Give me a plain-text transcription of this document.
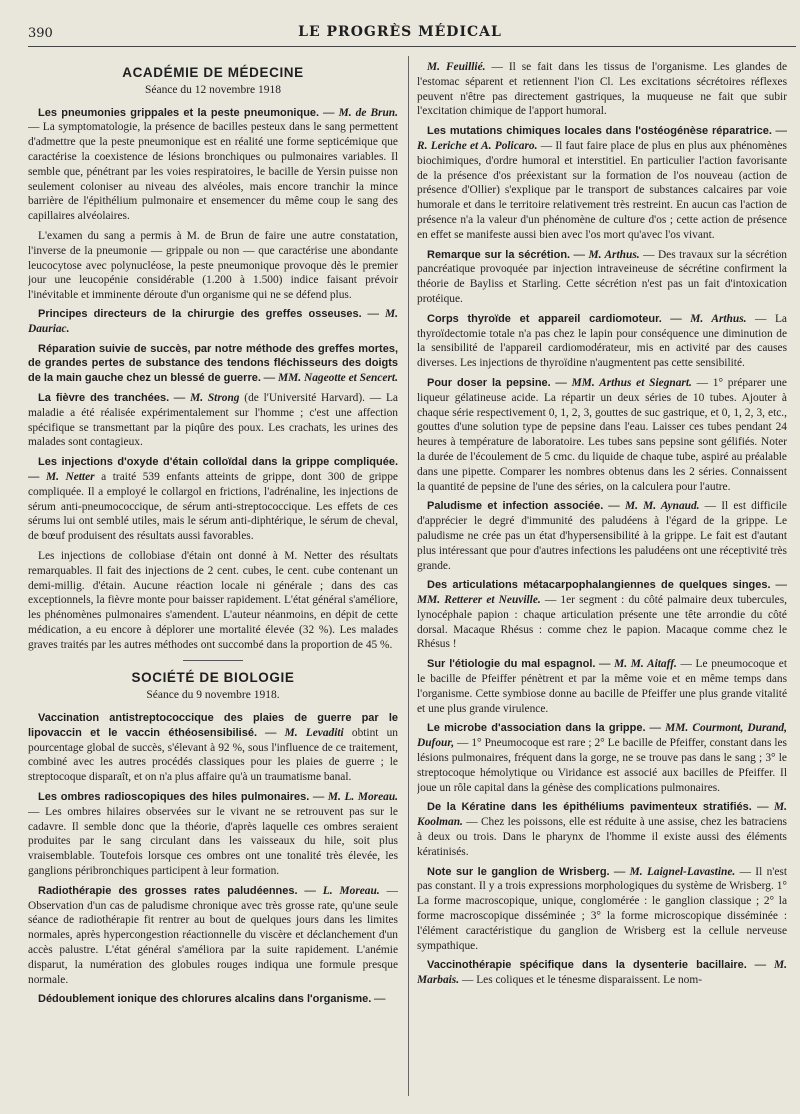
390	LE PROGRÈS MÉDICAL
ACADÉMIE DE MÉDECINE
Séance du 12 novembre 1918

Les pneumonies grippales et la peste pneumonique. — M. de Brun. — La symptomatologie, la présence de bacilles pesteux dans le sang permettent d'admettre que la peste pneumonique est en réalité une forme septicémique que caractérise la coexistence de lésions bronchiques ou pulmonaires variables. Il semble que, pénétrant par les voies respiratoires, le bacille de Yersin puisse non seulement coloniser au niveau des alvéoles, mais encore tranchir la mince barrière de l'épithélium pulmonaire et ensemencer du même coup le sang des capillaires alvéolaires.

L'examen du sang a permis à M. de Brun de faire une autre constatation, l'inverse de la pneumonie — grippale ou non — que caractérise une abondante leucocytose avec polynucléose, la peste pneumonique provoque dès le premier jour une leucopénie considérable (1.200 à 1.500) indice faisant prévoir l'inévitable et imminente déroute d'un organisme qui ne se défend plus.

Principes directeurs de la chirurgie des greffes osseuses. — M. Dauriac.

Réparation suivie de succès, par notre méthode des greffes mortes, de grandes pertes de substance des tendons fléchisseurs des doigts de la main gauche chez un blessé de guerre. — MM. Nageotte et Sencert.

La fièvre des tranchées. — M. Strong (de l'Université Harvard). — La maladie a été réalisée expérimentalement sur l'homme ; c'est une affection spécifique se transmettant par la piqûre des poux. Les crachats, les urines des malades sont contagieux.

Les injections d'oxyde d'étain colloïdal dans la grippe compliquée. — M. Netter a traité 539 enfants atteints de grippe, dont 300 de grippe compliquée. Il a employé le collargol en frictions, l'adrénaline, les injections de sérum anti-pneumococcique, de sérum anti-streptococcique. Les effets de ces sérums lui ont semblé utiles, mais le sérum anti-diphtérique, le sérum de cheval, de bœuf produisent des résultats aussi favorables.

Les injections de collobiase d'étain ont donné à M. Netter des résultats remarquables. Il fait des injections de 2 cent. cubes, le cent. cube contenant un demi-millig. d'étain. Aucune réaction locale ni générale ; dans des cas exceptionnels, la fièvre monte pour baisser rapidement. L'état général s'améliore, les phénomènes pulmonaires s'amendent. L'auteur néanmoins, en dépit de cette médication, a eu encore à déplorer une mortalité élevée (32 %). Les malades graves traités par les autres méthodes ont succombé dans la proportion de 45 %.

SOCIÉTÉ DE BIOLOGIE
Séance du 9 novembre 1918.

Vaccination antistreptococcique des plaies de guerre par le lipovaccin et le vaccin éthéosensibilisé. — M. Levaditi obtint un pourcentage global de succès, s'élevant à 92 %, sous l'influence de ce traitement, combiné avec les autres procédés classiques pour les plaies de guerre ; le streptocoque disparaît, et on n'a plus affaire qu'à un traumatisme banal.

Les ombres radioscopiques des hiles pulmonaires. — M. L. Moreau. — Les ombres hilaires observées sur le vivant ne se retrouvent pas sur le cadavre. Il semble donc que la théorie, d'après laquelle ces ombres seraient produites par le sang circulant dans les vaisseaux du hile, soit plus vraisemblable. Toutefois lorsque ces ombres ont une tonalité très élevée, les ganglions péribronchiques participent à leur formation.

Radiothérapie des grosses rates paludéennes. — L. Moreau. — Observation d'un cas de paludisme chronique avec très grosse rate, qu'une seule séance de radiothérapie fit rentrer au bout de quelques jours dans les limites normales, après hypercongestion réactionnelle du viscère et déclanchement d'un accès palustre. L'état général s'améliora par la suite rapidement. L'anémie disparut, la numération des globules rouges indiqua une formule presque normale.

Dédoublement ionique des chlorures alcalins dans l'organisme. —

M. Feuillié. — Il se fait dans les tissus de l'organisme. Les glandes de l'estomac séparent et retiennent l'ion Cl. Les excitations sécrétoires réflexes peuvent n'être pas directement gastriques, la muqueuse ne fait que subir l'excitation chimique de l'apport humoral.

Les mutations chimiques locales dans l'ostéogénèse réparatrice. — R. Leriche et A. Policaro. — Il faut faire place de plus en plus aux phénomènes biochimiques, d'ordre humoral et interstitiel. En particulier l'action favorisante de la présence d'os préexistant sur la formation de l'os nouveau (action de présence d'Ollier) s'explique par le transport de substances calcaires par voie humorale et dans le territoire relativement très restreint. En aucun cas l'action de présence n'a la valeur d'un phénomène de culture d'os ; cette action de présence en effet se manifeste aussi bien avec l'os mort qu'avec l'os vivant.

Remarque sur la sécrétion. — M. Arthus. — Des travaux sur la sécrétion pancréatique provoquée par injection intraveineuse de sécrétine confirment la théorie de Bayliss et Starling. Cette sécrétion n'est pas un fait d'intoxication protéique.

Corps thyroïde et appareil cardiomoteur. — M. Arthus. — La thyroïdectomie totale n'a pas chez le lapin pour conséquence une diminution de la sensibilité de l'appareil cardiomodérateur, mis en activité par des causes diverses. Les injections de thyroïdine n'augmentent pas cette sensibilité.

Pour doser la pepsine. — MM. Arthus et Siegnart. — 1° préparer une liqueur gélatineuse acide. La répartir un deux séries de 10 tubes. Ajouter à chaque série respectivement 0, 1, 2, 3, gouttes de suc gastrique, et 0, 1, 2, 3, etc., gouttes d'une solution type de pepsine dans l'eau. Laisser ces tubes pendant 24 heures à température de laboratoire. Les tubes sans pepsine sont gélifiés. Noter la durée de l'écoulement de 5 cmc. du liquide de chaque tube, aspiré au préalable dans une pipette. Comparer les nombres obtenus dans les 2 séries. Connaissent la quantité de pepsine de l'une des séries, on la calculera pour l'autre.

Paludisme et infection associée. — M. M. Aynaud. — Il est difficile d'apprécier le degré d'immunité des paludéens à l'égard de la grippe. Le paludisme ne crée pas un état d'hypersensibilité à la grippe. Le fait est d'autant plus intéressant que pour d'autres infections les paludéens ont une réceptivité très grande.

Des articulations métacarpophalangiennes de quelques singes. — MM. Retterer et Neuville. — 1er segment : du côté palmaire deux tubercules, lynocéphale papion : chaque articulation présente une tête arrondie du côté dorsal. Macaque Rhésus : comme chez le papion. Macaque comme chez le Rhésus !

Sur l'étiologie du mal espagnol. — M. M. Aitaff. — Le pneumocoque et le bacille de Pfeiffer pénètrent et par la même voie et en même temps dans l'organisme. Cette symbiose donne au bacille de Pfeiffer une plus grande vitalité et une plus grande virulence.

Le microbe d'association dans la grippe. — MM. Courmont, Durand, Dufour, — 1° Pneumocoque est rare ; 2° Le bacille de Pfeiffer, constant dans les lésions pulmonaires, fréquent dans la gorge, ne se trouve pas dans le sang ; 3° le streptocoque hémolytique ou Viridance est associé aux bacilles de Pfeiffer. Il joue un rôle capital dans la génèse des complications pulmonaires.

De la Kératine dans les épithéliums pavimenteux stratifiés. — M. Koolman. — Chez les poissons, elle est réduite à une assise, chez les batraciens à deux ou trois. Dans le pharynx de l'homme il existe aussi des éléments kératinisés.

Note sur le ganglion de Wrisberg. — M. Laignel-Lavastine. — Il n'est pas constant. Il y a trois expressions morphologiques du système de Wrisberg. 1° La forme macroscopique, unique, conglomérée : le ganglion classique ; 2° la forme macroscopique disséminée ; 3° la forme microscopique disséminée : l'élément caractéristique du ganglion de Wrisberg est la cellule nerveuse sympathique.

Vaccinothérapie spécifique dans la dysenterie bacillaire. — M. Marbais. — Les coliques et le ténesme disparaissent. Le nom-
